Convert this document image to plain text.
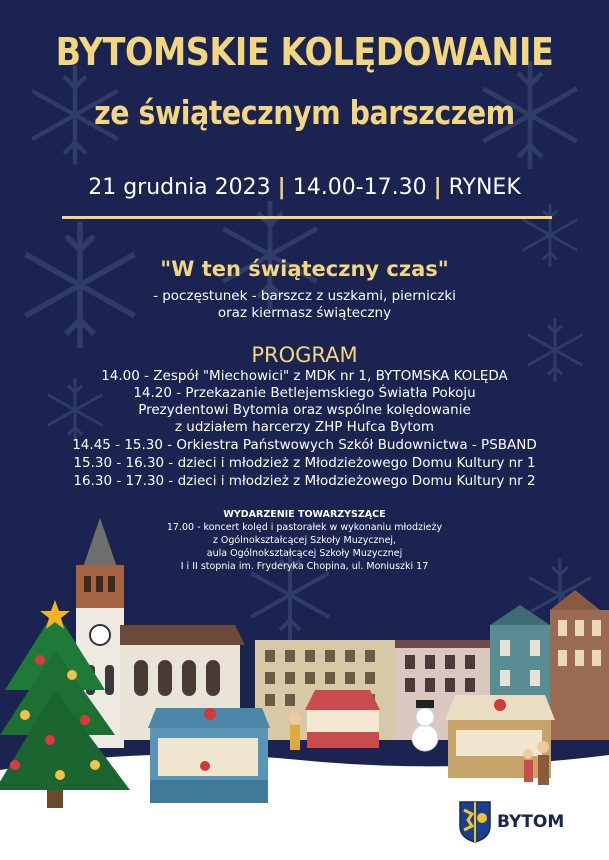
BYTOMSKIE KOLĘDOWANIE
ze świątecznym barszczem
21 grudnia 2023 | 14.00-17.30 | RYNEK
"W ten świąteczny czas"
- poczęstunek - barszcz z uszkami, pierniczki
oraz kiermasz świąteczny
PROGRAM
14.00 - Zespół "Miechowici" z MDK nr 1, BYTOMSKA KOLĘDA
14.20 - Przekazanie Betlejemskiego Światła Pokoju
Prezydentowi Bytomia oraz wspólne kolędowanie
z udziałem harcerzy ZHP Hufca Bytom
14.45 - 15.30 - Orkiestra Państwowych Szkół Budownictwa - PSBAND
15.30 - 16.30 - dzieci i młodzież z Młodzieżowego Domu Kultury nr 1
16.30 - 17.30 - dzieci i młodzież z Młodzieżowego Domu Kultury nr 2
WYDARZENIE TOWARZYSZĄCE
17.00 - koncert kolęd i pastorałek w wykonaniu młodzieży
z Ogólnokształcącej Szkoły Muzycznej,
aula Ogólnokształcącej Szkoły Muzycznej
I i II stopnia im. Fryderyka Chopina, ul. Moniuszki 17
BYTOM
